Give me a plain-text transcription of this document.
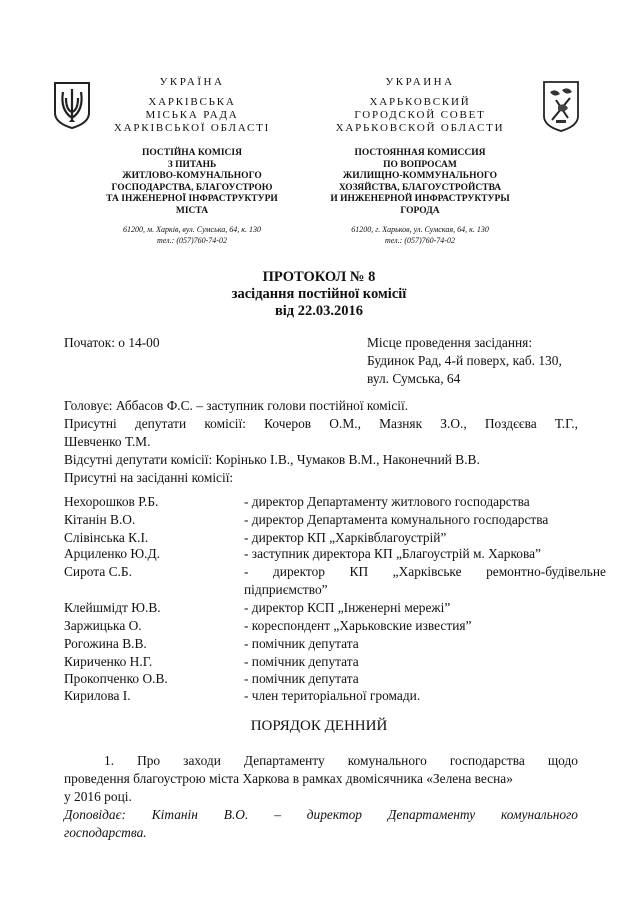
УКРАЇНА
ХАРКІВСЬКА
МІСЬКА РАДА
ХАРКІВСЬКОЇ ОБЛАСТІ
ПОСТІЙНА КОМІСІЯ
З ПИТАНЬ
ЖИТЛОВО-КОМУНАЛЬНОГО
ГОСПОДАРСТВА, БЛАГОУСТРОЮ
ТА ІНЖЕНЕРНОЇ ІНФРАСТРУКТУРИ
МІСТА
61200, м. Харків, вул. Сумська, 64, к. 130
тел.: (057)760-74-02
УКРАИНА
ХАРЬКОВСКИЙ
ГОРОДСКОЙ СОВЕТ
ХАРЬКОВСКОЙ ОБЛАСТИ
ПОСТОЯННАЯ КОМИССИЯ
ПО ВОПРОСАМ
ЖИЛИЩНО-КОММУНАЛЬНОГО
ХОЗЯЙСТВА, БЛАГОУСТРОЙСТВА
И ИНЖЕНЕРНОЙ ИНФРАСТРУКТУРЫ
ГОРОДА
61200, г. Харьков, ул. Сумская, 64, к. 130
тел.: (057)760-74-02
ПРОТОКОЛ № 8
засідання постійної комісії
від 22.03.2016
Початок: о 14-00	Місце проведення засідання:
Будинок Рад, 4-й поверх, каб. 130,
вул. Сумська, 64
Головує: Аббасов Ф.С. – заступник голови постійної комісії.
Присутні депутати комісії: Кочеров О.М., Мазняк З.О., Поздєєва Т.Г.,
Шевченко Т.М.
Відсутні депутати комісії: Корінько І.В., Чумаков В.М., Наконечний В.В.
Присутні на засіданні комісії:
Нехорошков Р.Б.	- директор Департаменту житлового господарства
Кітанін В.О.	- директор Департамента комунального господарства
Слівінська К.І.	- директор КП „Харківблагоустрій”
Арциленко Ю.Д.	- заступник директора КП „Благоустрій м. Харкова”
Сирота С.Б.	- директор КП „Харківське ремонтно-будівельне
підприємство”
Клейшмідт Ю.В.	- директор КСП „Інженерні мережі”
Заржицька О.	- кореспондент „Харьковские известия”
Рогожина В.В.	- помічник депутата
Кириченко Н.Г.	- помічник депутата
Прокопченко О.В.	- помічник депутата
Кирилова І.	- член територіальної громади.
ПОРЯДОК ДЕННИЙ
1. Про заходи Департаменту комунального господарства щодо
проведення благоустрою міста Харкова в рамках двомісячника «Зелена весна»
у 2016 році.
Доповідає: Кітанін В.О. – директор Департаменту комунального
господарства.
